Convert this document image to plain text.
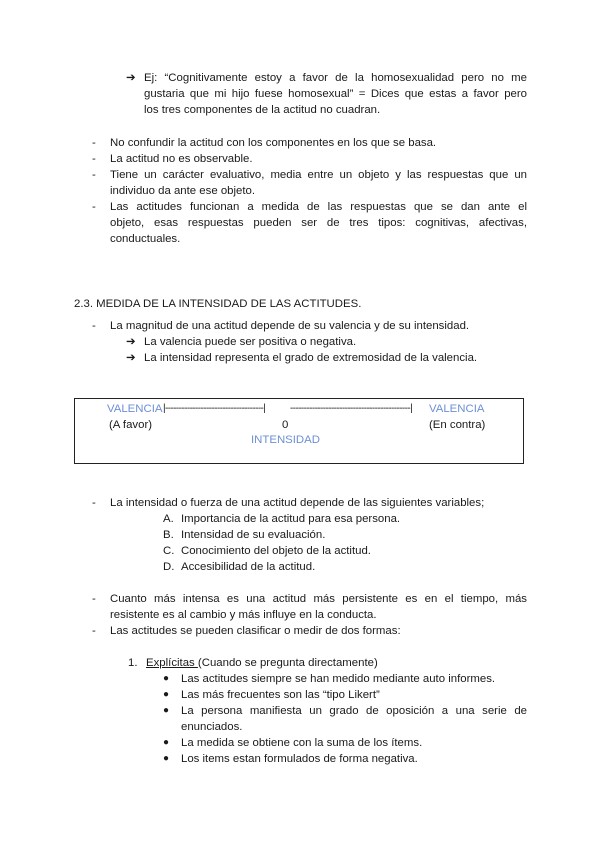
➔ Ej: “Cognitivamente estoy a favor de la homosexualidad pero no me
gustaria que mi hijo fuese homosexual” = Dices que estas a favor pero
los tres componentes de la actitud no cuadran.
- No confundir la actitud con los componentes en los que se basa.
- La actitud no es observable.
- Tiene un carácter evaluativo, media entre un objeto y las respuestas que un
individuo da ante ese objeto.
- Las actitudes funcionan a medida de las respuestas que se dan ante el
objeto, esas respuestas pueden ser de tres tipos: cognitivas, afectivas,
conductuales.
2.3. MEDIDA DE LA INTENSIDAD DE LAS ACTITUDES.
- La magnitud de una actitud depende de su valencia y de su intensidad.
➔ La valencia puede ser positiva o negativa.
➔ La intensidad representa el grado de extremosidad de la valencia.
VALENCIA |------------------------------------| --------------------------------------------| VALENCIA
(A favor)	0	(En contra)
INTENSIDAD
- La intensidad o fuerza de una actitud depende de las siguientes variables;
A. Importancia de la actitud para esa persona.
B. Intensidad de su evaluación.
C. Conocimiento del objeto de la actitud.
D. Accesibilidad de la actitud.
- Cuanto más intensa es una actitud más persistente es en el tiempo, más
resistente es al cambio y más influye en la conducta.
- Las actitudes se pueden clasificar o medir de dos formas:
1. Explícitas (Cuando se pregunta directamente)
● Las actitudes siempre se han medido mediante auto informes.
● Las más frecuentes son las “tipo Likert”
● La persona manifiesta un grado de oposición a una serie de
enunciados.
● La medida se obtiene con la suma de los ítems.
● Los items estan formulados de forma negativa.
